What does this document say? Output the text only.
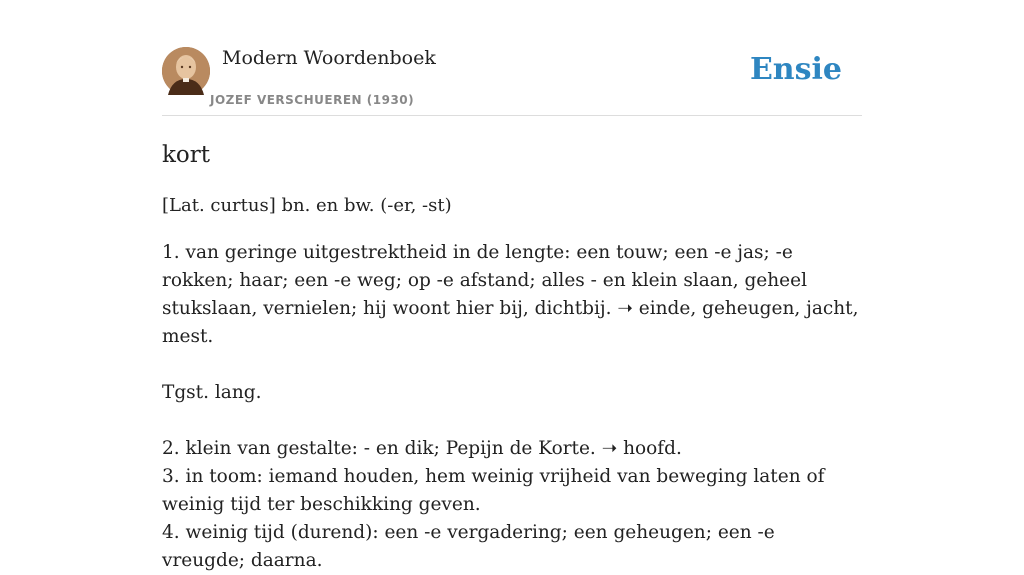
Modern Woordenboek
JOZEF VERSCHUEREN (1930)
Ensie
kort
[Lat. curtus] bn. en bw. (-er, -st)

1. van geringe uitgestrektheid in de lengte: een touw; een -e jas; -e rokken; haar; een -e weg; op -e afstand; alles - en klein slaan, geheel stukslaan, vernielen; hij woont hier bij, dichtbij. ➝ einde, geheugen, jacht, mest.

Tgst. lang.

2. klein van gestalte: - en dik; Pepijn de Korte. ➝ hoofd.

3. in toom: iemand houden, hem weinig vrijheid van beweging laten of weinig tijd ter beschikking geven.

4. weinig tijd (durend): een -e vergadering; een geheugen; een -e vreugde; daarna.
